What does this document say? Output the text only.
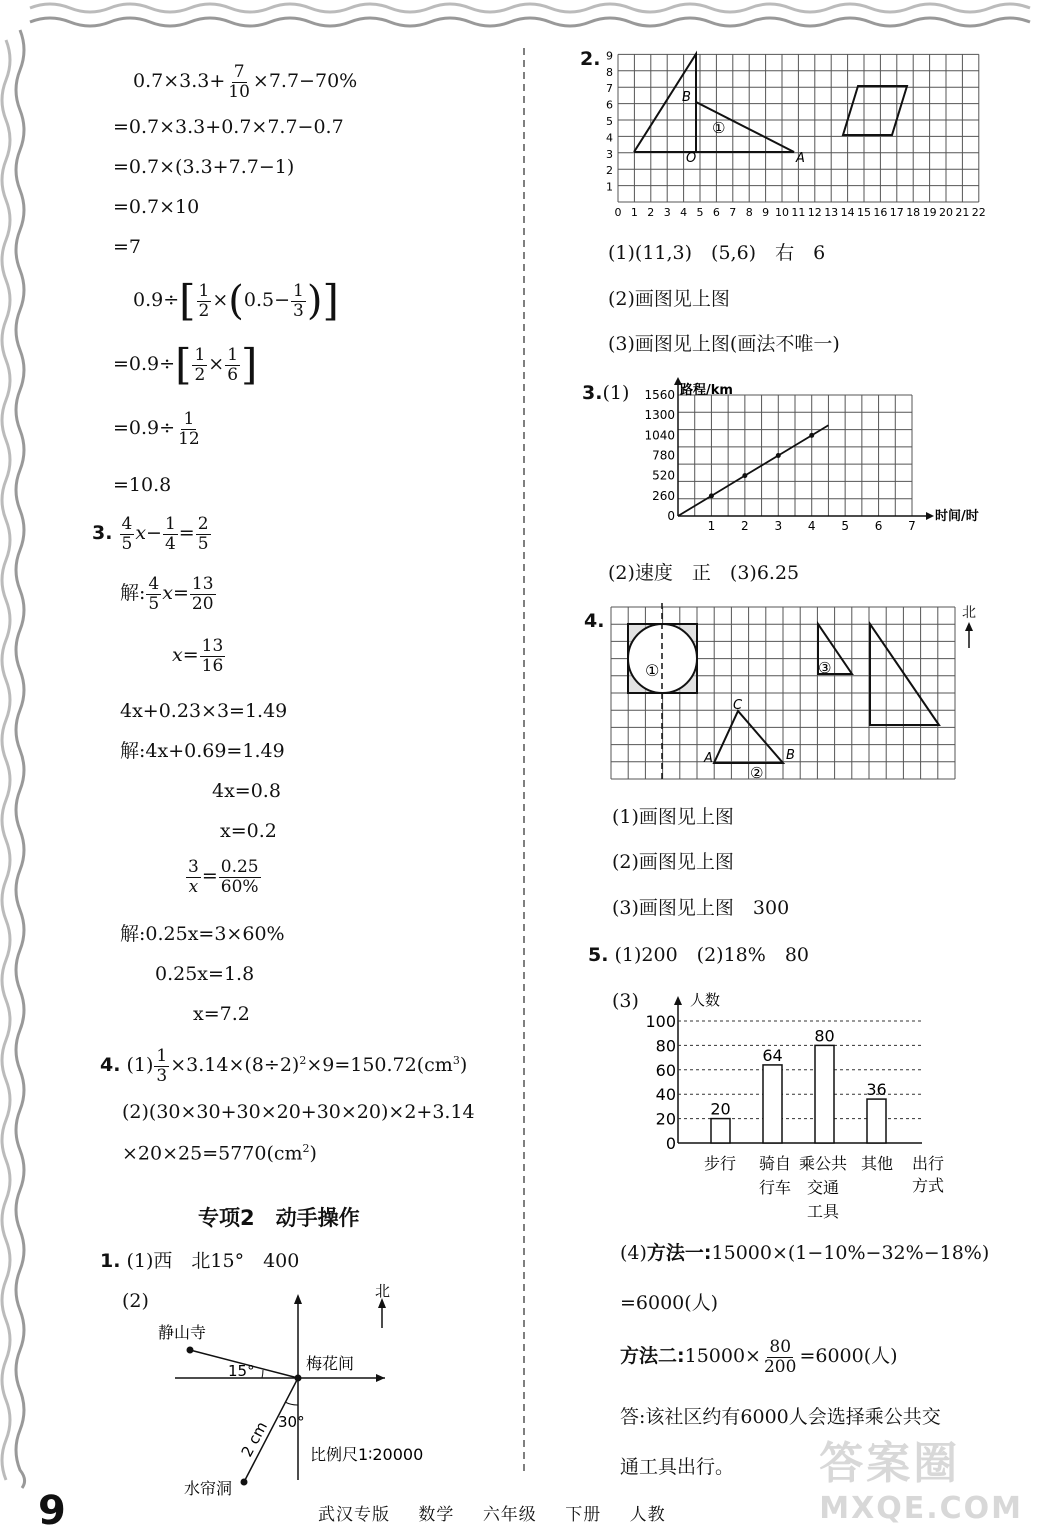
$0.7\times 3.3+ \frac{7}{10} \times 7.7-70\%$
=0.7×3.3+0.7×7.7−0.7
=0.7×(3.3+7.7−1)
=0.7×10
=7
$0.9\div[ \frac{1}{2} \times(0.5- \frac{1}{3}$ )]
$=0.9\div[ \frac{1}{2} \times \frac{1}{6}$ ]
$=0.9\div \frac{1}{12}$
=10.8
3. $\frac{4}{5} x- \frac{1}{4} = \frac{2}{5}$
解: $\frac{4}{5} x= \frac{13}{20}$
$x= \frac{13}{16}$
4x+0.23×3=1.49
解:4x+0.69=1.49
4x=0.8
x=0.2
$\frac{3}{x} = \frac{0.25}{60\%}$
解:0.25x=3×60%
0.25x=1.8
x=7.2
4. $(1) \frac{1}{3} \times 3.14\times(8\div 2)^2\times 9=150.72(cm^3)$
(2)(30×30+30×20+30×20)×2+3.14
$\times 20\times 25=5770(cm^2)$
专项2　动手操作
1. (1)西　北15°　400
(2)	北
静山寺
梅花间
水帘洞
15°
30°
2 cm 比例尺1∶20000
2. 9
8
7
6
5
4
3
2
1
0 1 2 3 4 5 6 7 8 9 10 11 12 13 14 15 16 17 18 19 20 21 22
B
O	A
①
(1)(11,3)　(5,6)　右　6
(2)画图见上图
(3)画图见上图(画法不唯一)
3.(1)
0
260
520
780
1040
1300
1560
1 2 3 4 5 6 7
路程/km
时间/时
(2)速度　正　(3)6.25
4.
①
②
③
A	B
C
北
(1)画图见上图
(2)画图见上图
(3)画图见上图　300
5. (1)200　(2)18%　80
(3)
0
20
40
60
80
100
20
64
80
36
步行 骑自
行车
乘公共
交通
工具
其他
人数
出行
方式
(4)方法一:15000×(1−10%−32%−18%)
=6000(人)
方法二:15000× $\frac{80}{200} =6000$(人)
答:该社区约有6000人会选择乘公共交
通工具出行。
9	武汉专版 数学 六年级 下册 人教
答案圈
MXQE.COM
